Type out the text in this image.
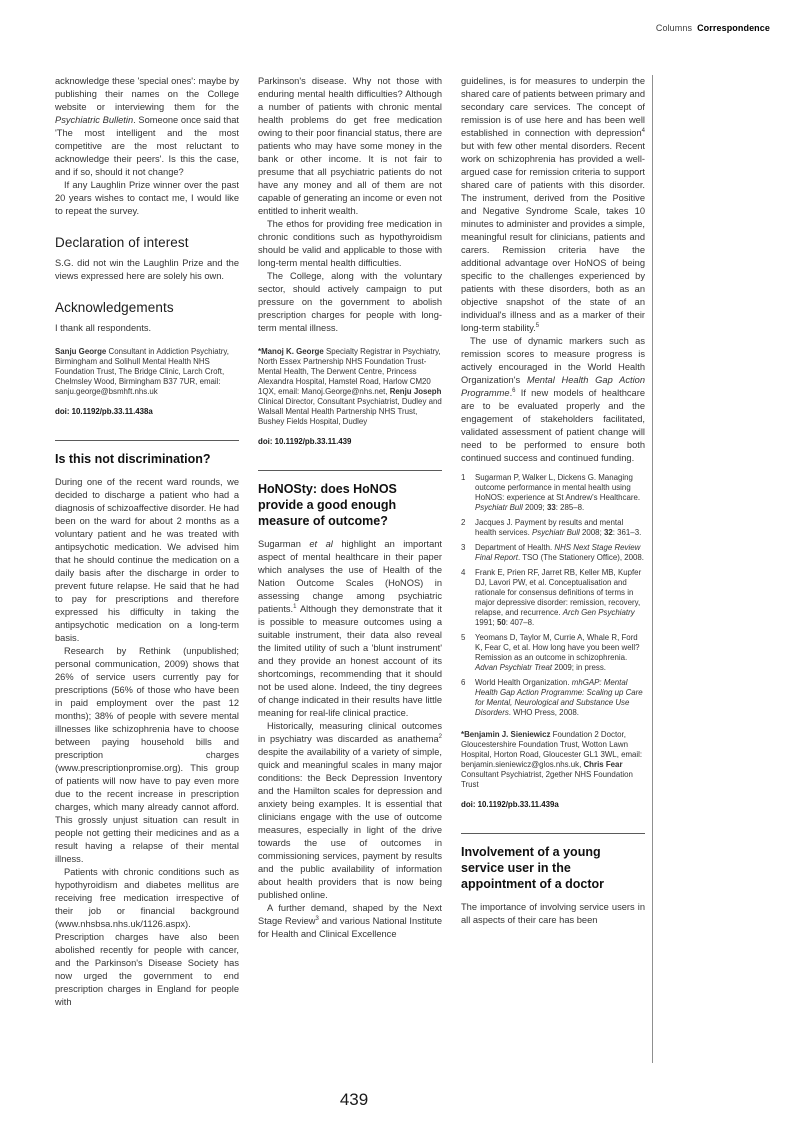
Columns Correspondence

acknowledge these 'special ones': maybe by publishing their names on the College website or interviewing them for the Psychiatric Bulletin. Someone once said that 'The most intelligent and the most competitive are the most reluctant to acknowledge their peers'. Is this the case, and if so, should it not change?

If any Laughlin Prize winner over the past 20 years wishes to contact me, I would like to repeat the survey.

Declaration of interest

S.G. did not win the Laughlin Prize and the views expressed here are solely his own.

Acknowledgements

I thank all respondents.

Sanju George Consultant in Addiction Psychiatry, Birmingham and Solihull Mental Health NHS Foundation Trust, The Bridge Clinic, Larch Croft, Chelmsley Wood, Birmingham B37 7UR, email: sanju.george@bsmhft.nhs.uk

doi: 10.1192/pb.33.11.438a

Is this not discrimination?

During one of the recent ward rounds, we decided to discharge a patient who had a diagnosis of schizoaffective disorder. He had been on the ward for about 2 months as a voluntary patient and he was treated with antipsychotic medication. We advised him that he should continue the medication on a daily basis after the discharge in order to prevent future relapse. He said that he had to pay for prescriptions and therefore expressed his difficulty in taking the antipsychotic medication on a long-term basis.

Research by Rethink (unpublished; personal communication, 2009) shows that 26% of service users currently pay for prescriptions (56% of those who have been in paid employment over the past 12 months); 38% of people with severe mental illnesses like schizophrenia have to choose between paying household bills and prescription charges (www.prescriptionpromise.org). This group of patients will now have to pay even more due to the recent increase in prescription charges, which many already cannot afford. This grossly unjust situation can result in people not getting their medicines and as a result having a relapse of their mental illness.

Patients with chronic conditions such as hypothyroidism and diabetes mellitus are receiving free medication irrespective of their job or financial background (www.nhsbsa.nhs.uk/1126.aspx). Prescription charges have also been abolished recently for people with cancer, and the Parkinson's Disease Society has now urged the government to end prescription charges in England for people with

Parkinson's disease. Why not those with enduring mental health difficulties? Although a number of patients with chronic mental health problems do get free medication owing to their poor financial status, there are patients who may have some money in the bank or other income. It is not fair to presume that all psychiatric patients do not have any money and all of them are not capable of generating an income or even not entitled to inherit wealth.

The ethos for providing free medication in chronic conditions such as hypothyroidism should be valid and applicable to those with long-term mental health difficulties.

The College, along with the voluntary sector, should actively campaign to put pressure on the government to abolish prescription charges for people with long-term mental illness.

*Manoj K. George Specialty Registrar in Psychiatry, North Essex Partnership NHS Foundation Trust-Mental Health, The Derwent Centre, Princess Alexandra Hospital, Hamstel Road, Harlow CM20 1QX, email: Manoj.George@nhs.net, Renju Joseph Clinical Director, Consultant Psychiatrist, Dudley and Walsall Mental Health Partnership NHS Trust, Bushey Fields Hospital, Dudley

doi: 10.1192/pb.33.11.439

HoNOSty: does HoNOS provide a good enough measure of outcome?

Sugarman et al highlight an important aspect of mental healthcare in their paper which analyses the use of Health of the Nation Outcome Scales (HoNOS) in assessing change among psychiatric patients.$^1$ Although they demonstrate that it is possible to measure outcomes using a suitable instrument, their data also reveal the limited utility of such a 'blunt instrument' and they provide an honest account of its shortcomings, recommending that it should not be used alone. Indeed, the tiny degrees of change indicated in their results have little meaning for real-life clinical practice.

Historically, measuring clinical outcomes in psychiatry was discarded as anathema$^2$ despite the availability of a variety of simple, quick and meaningful scales in many major conditions: the Beck Depression Inventory and the Hamilton scales for depression and anxiety being examples. It is essential that clinicians engage with the use of outcome measures, especially in light of the drive towards the use of outcomes in commissioning services, payment by results and the public availability of information about health providers that is now being published online.

A further demand, shaped by the Next Stage Review$^3$ and various National Institute for Health and Clinical Excellence

guidelines, is for measures to underpin the shared care of patients between primary and secondary care services. The concept of remission is of use here and has been well established in connection with depression$^4$ but with few other mental disorders. Recent work on schizophrenia has provided a well-argued case for remission criteria to support shared care of patients with this disorder. The instrument, derived from the Positive and Negative Syndrome Scale, takes 10 minutes to administer and provides a simple, meaningful result for clinicians, patients and carers. Remission criteria have the additional advantage over HoNOS of being specific to the challenges experienced by patients with these disorders, both as an objective snapshot of the state of an individual's illness and as a marker of their long-term stability.$^5$

The use of dynamic markers such as remission scores to measure progress is actively encouraged in the World Health Organization's Mental Health Gap Action Programme.$^6$ If new models of healthcare are to be evaluated properly and the engagement of stakeholders facilitated, validated assessment of patient change will need to be performed to ensure both continued success and continued funding.

1	Sugarman P, Walker L, Dickens G. Managing outcome performance in mental health using HoNOS: experience at St Andrew's Healthcare. Psychiatr Bull 2009; 33: 285–8.
2	Jacques J. Payment by results and mental health services. Psychiatr Bull 2008; 32: 361–3.
3	Department of Health. NHS Next Stage Review Final Report. TSO (The Stationery Office), 2008.
4	Frank E, Prien RF, Jarret RB, Keller MB, Kupfer DJ, Lavori PW, et al. Conceptualisation and rationale for consensus definitions of terms in major depressive disorder: remission, recovery, relapse, and recurrence. Arch Gen Psychiatry 1991; 50: 407–8.
5	Yeomans D, Taylor M, Currie A, Whale R, Ford K, Fear C, et al. How long have you been well? Remission as an outcome in schizophrenia. Advan Psychiatr Treat 2009; in press.
6	World Health Organization. mhGAP: Mental Health Gap Action Programme: Scaling up Care for Mental, Neurological and Substance Use Disorders. WHO Press, 2008.

*Benjamin J. Sieniewicz Foundation 2 Doctor, Gloucestershire Foundation Trust, Wotton Lawn Hospital, Horton Road, Gloucester GL1 3WL, email: benjamin.sieniewicz@glos.nhs.uk, Chris Fear Consultant Psychiatrist, 2gether NHS Foundation Trust

doi: 10.1192/pb.33.11.439a

Involvement of a young service user in the appointment of a doctor

The importance of involving service users in all aspects of their care has been

439
